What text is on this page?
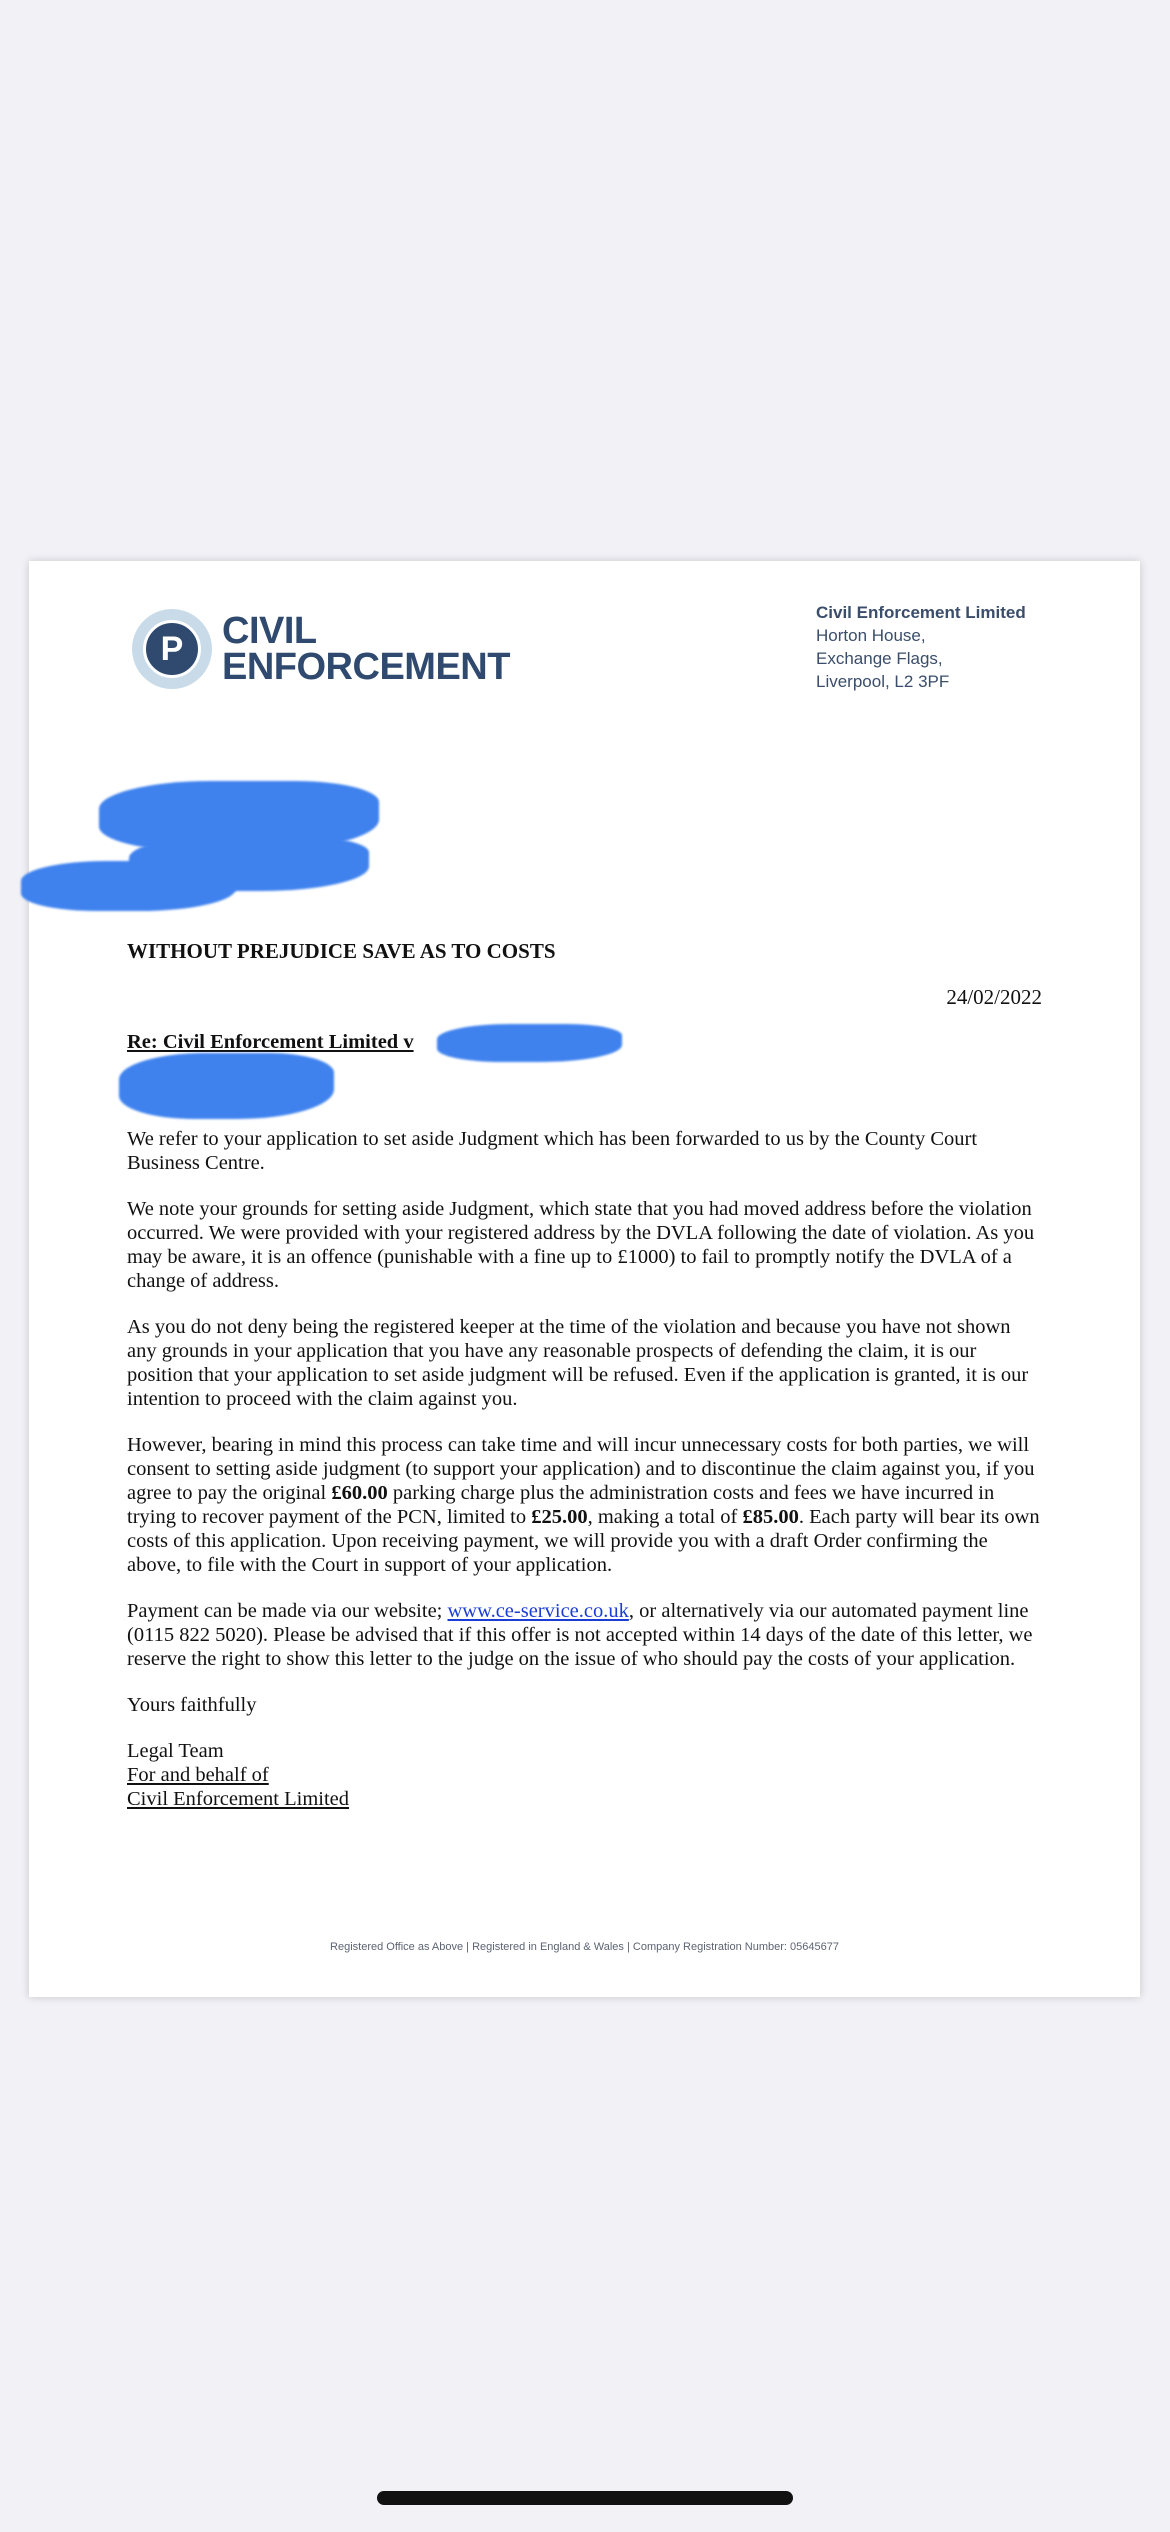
P	CIVIL
ENFORCEMENT
Civil Enforcement Limited
Horton House,
Exchange Flags,
Liverpool, L2 3PF
WITHOUT PREJUDICE SAVE AS TO COSTS
24/02/2022
Re: Civil Enforcement Limited v

We refer to your application to set aside Judgment which has been forwarded to us by the County Court Business Centre.

We note your grounds for setting aside Judgment, which state that you had moved address before the violation occurred. We were provided with your registered address by the DVLA following the date of violation. As you may be aware, it is an offence (punishable with a fine up to £1000) to fail to promptly notify the DVLA of a change of address.

As you do not deny being the registered keeper at the time of the violation and because you have not shown any grounds in your application that you have any reasonable prospects of defending the claim, it is our position that your application to set aside judgment will be refused. Even if the application is granted, it is our intention to proceed with the claim against you.

However, bearing in mind this process can take time and will incur unnecessary costs for both parties, we will consent to setting aside judgment (to support your application) and to discontinue the claim against you, if you agree to pay the original £60.00 parking charge plus the administration costs and fees we have incurred in trying to recover payment of the PCN, limited to £25.00, making a total of £85.00. Each party will bear its own costs of this application. Upon receiving payment, we will provide you with a draft Order confirming the above, to file with the Court in support of your application.

Payment can be made via our website; www.ce-service.co.uk, or alternatively via our automated payment line (0115 822 5020). Please be advised that if this offer is not accepted within 14 days of the date of this letter, we reserve the right to show this letter to the judge on the issue of who should pay the costs of your application.

Yours faithfully

Legal Team

For and behalf of

Civil Enforcement Limited

Registered Office as Above | Registered in England & Wales | Company Registration Number: 05645677
